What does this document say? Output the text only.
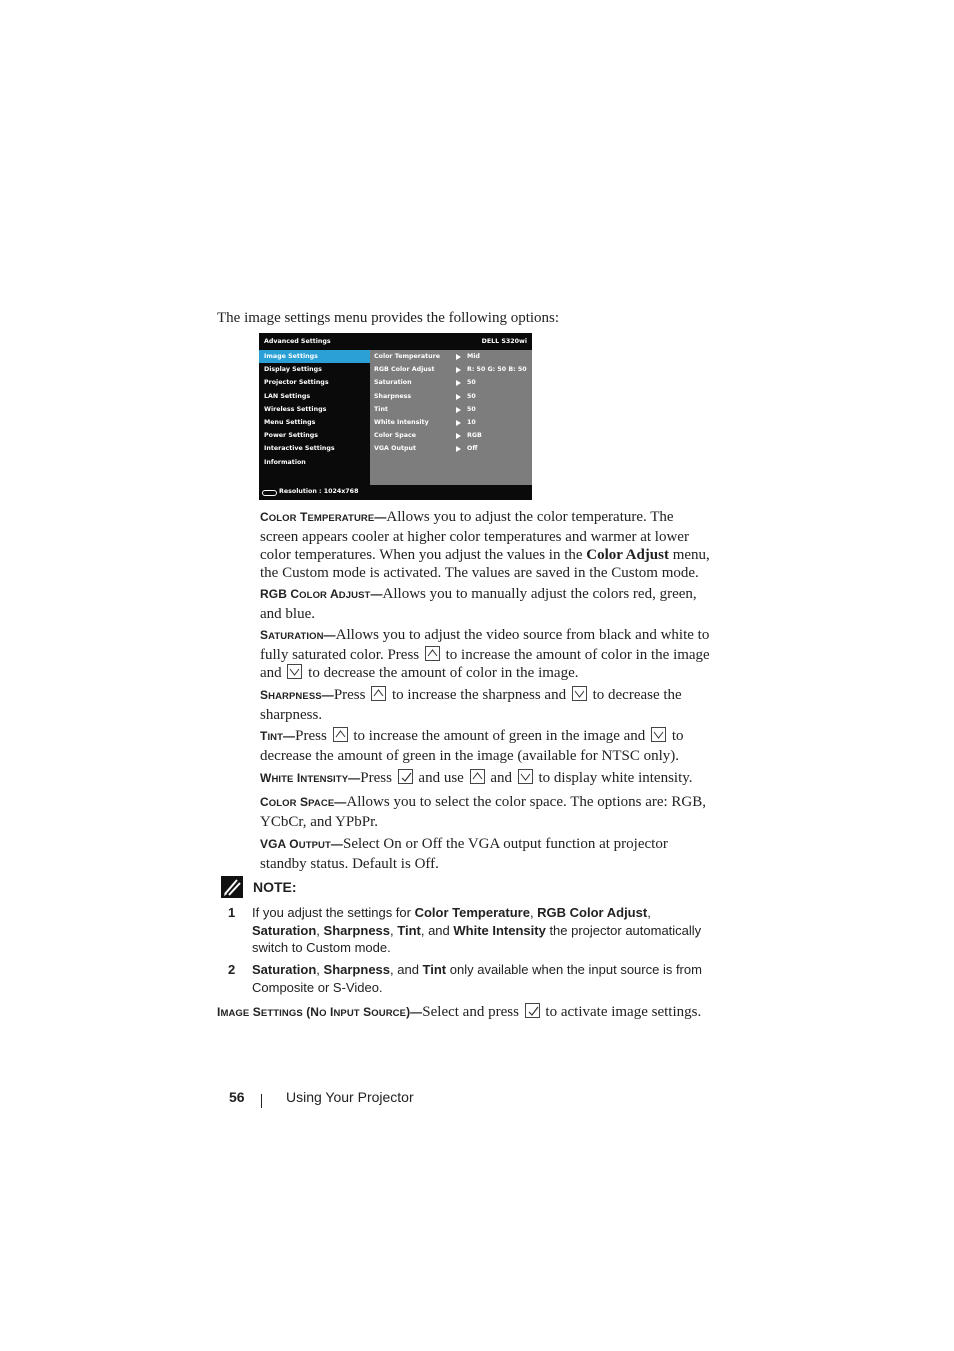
The image settings menu provides the following options:
Advanced Settings	DELL S320wi
Image Settings
Display Settings
Projector Settings
LAN Settings
Wireless Settings
Menu Settings
Power Settings
Interactive Settings
Information
Color Temperature	Mid
RGB Color Adjust	R: 50 G: 50 B: 50
Saturation	50
Sharpness	50
Tint	50
White Intensity	10
Color Space	RGB
VGA Output	Off
Resolution : 1024x768
COLOR TEMPERATURE—Allows you to adjust the color temperature. The screen appears cooler at higher color temperatures and warmer at lower color temperatures. When you adjust the values in the Color Adjust menu, the Custom mode is activated. The values are saved in the Custom mode.
RGB COLOR ADJUST—Allows you to manually adjust the colors red, green, and blue.
SATURATION—Allows you to adjust the video source from black and white to fully saturated color. Press
to increase the amount of color in the image and
to decrease the amount of color in the image.
SHARPNESS—Press
to increase the sharpness and
to decrease the sharpness.
TINT—Press
to increase the amount of green in the image and
to decrease the amount of green in the image (available for NTSC only).
WHITE INTENSITY—Press
and use
and
to display white intensity.
COLOR SPACE—Allows you to select the color space. The options are: RGB, YCbCr, and YPbPr.
VGA OUTPUT—Select On or Off the VGA output function at projector standby status. Default is Off.
NOTE:
1 If you adjust the settings for Color Temperature, RGB Color Adjust, Saturation, Sharpness, Tint, and White Intensity the projector automatically switch to Custom mode.
2 Saturation, Sharpness, and Tint only available when the input source is from Composite or S-Video.
IMAGE SETTINGS (NO INPUT SOURCE)—Select and press
to activate image settings.
56	Using Your Projector
